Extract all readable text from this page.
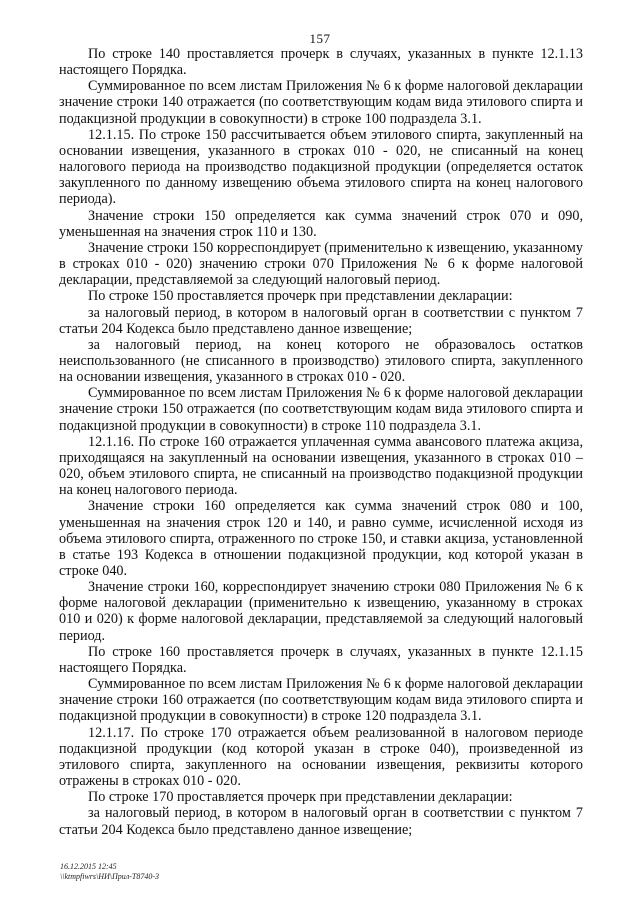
157

По строке 140 проставляется прочерк в случаях, указанных в пункте 12.1.13 настоящего Порядка.

Суммированное по всем листам Приложения № 6 к форме налоговой декларации значение строки 140 отражается (по соответствующим кодам вида этилового спирта и подакцизной продукции в совокупности) в строке 100 подраздела 3.1.

12.1.15. По строке 150 рассчитывается объем этилового спирта, закупленный на основании извещения, указанного в строках 010 - 020, не списанный на конец налогового периода на производство подакцизной продукции (определяется остаток закупленного по данному извещению объема этилового спирта на конец налогового периода).

Значение строки 150 определяется как сумма значений строк 070 и 090, уменьшенная на значения строк 110 и 130.

Значение строки 150 корреспондирует (применительно к извещению, указанному в строках 010 - 020) значению строки 070 Приложения № 6 к форме налоговой декларации, представляемой за следующий налоговый период.

По строке 150 проставляется прочерк при представлении декларации:

за налоговый период, в котором в налоговый орган в соответствии с пунктом 7 статьи 204 Кодекса было представлено данное извещение;

за налоговый период, на конец которого не образовалось остатков неиспользованного (не списанного в производство) этилового спирта, закупленного на основании извещения, указанного в строках 010 - 020.

Суммированное по всем листам Приложения № 6 к форме налоговой декларации значение строки 150 отражается (по соответствующим кодам вида этилового спирта и подакцизной продукции в совокупности) в строке 110 подраздела 3.1.

12.1.16. По строке 160 отражается уплаченная сумма авансового платежа акциза, приходящаяся на закупленный на основании извещения, указанного в строках 010 – 020, объем этилового спирта, не списанный на производство подакцизной продукции на конец налогового периода.

Значение строки 160 определяется как сумма значений строк 080 и 100, уменьшенная на значения строк 120 и 140, и равно сумме, исчисленной исходя из объема этилового спирта, отраженного по строке 150, и ставки акциза, установленной в статье 193 Кодекса в отношении подакцизной продукции, код которой указан в строке 040.

Значение строки 160, корреспондирует значению строки 080 Приложения № 6 к форме налоговой декларации (применительно к извещению, указанному в строках 010 и 020) к форме налоговой декларации, представляемой за следующий налоговый период.

По строке 160 проставляется прочерк в случаях, указанных в пункте 12.1.15 настоящего Порядка.

Суммированное по всем листам Приложения № 6 к форме налоговой декларации значение строки 160 отражается (по соответствующим кодам вида этилового спирта и подакцизной продукции в совокупности) в строке 120 подраздела 3.1.

12.1.17. По строке 170 отражается объем реализованной в налоговом периоде подакцизной продукции (код которой указан в строке 040), произведенной из этилового спирта, закупленного на основании извещения, реквизиты которого отражены в строках 010 - 020.

По строке 170 проставляется прочерк при представлении декларации:

за налоговый период, в котором в налоговый орган в соответствии с пунктом 7 статьи 204 Кодекса было представлено данное извещение;

16.12.2015 12:45
\\ktmpfiwrs\НИ\Прил-Т8740-3
